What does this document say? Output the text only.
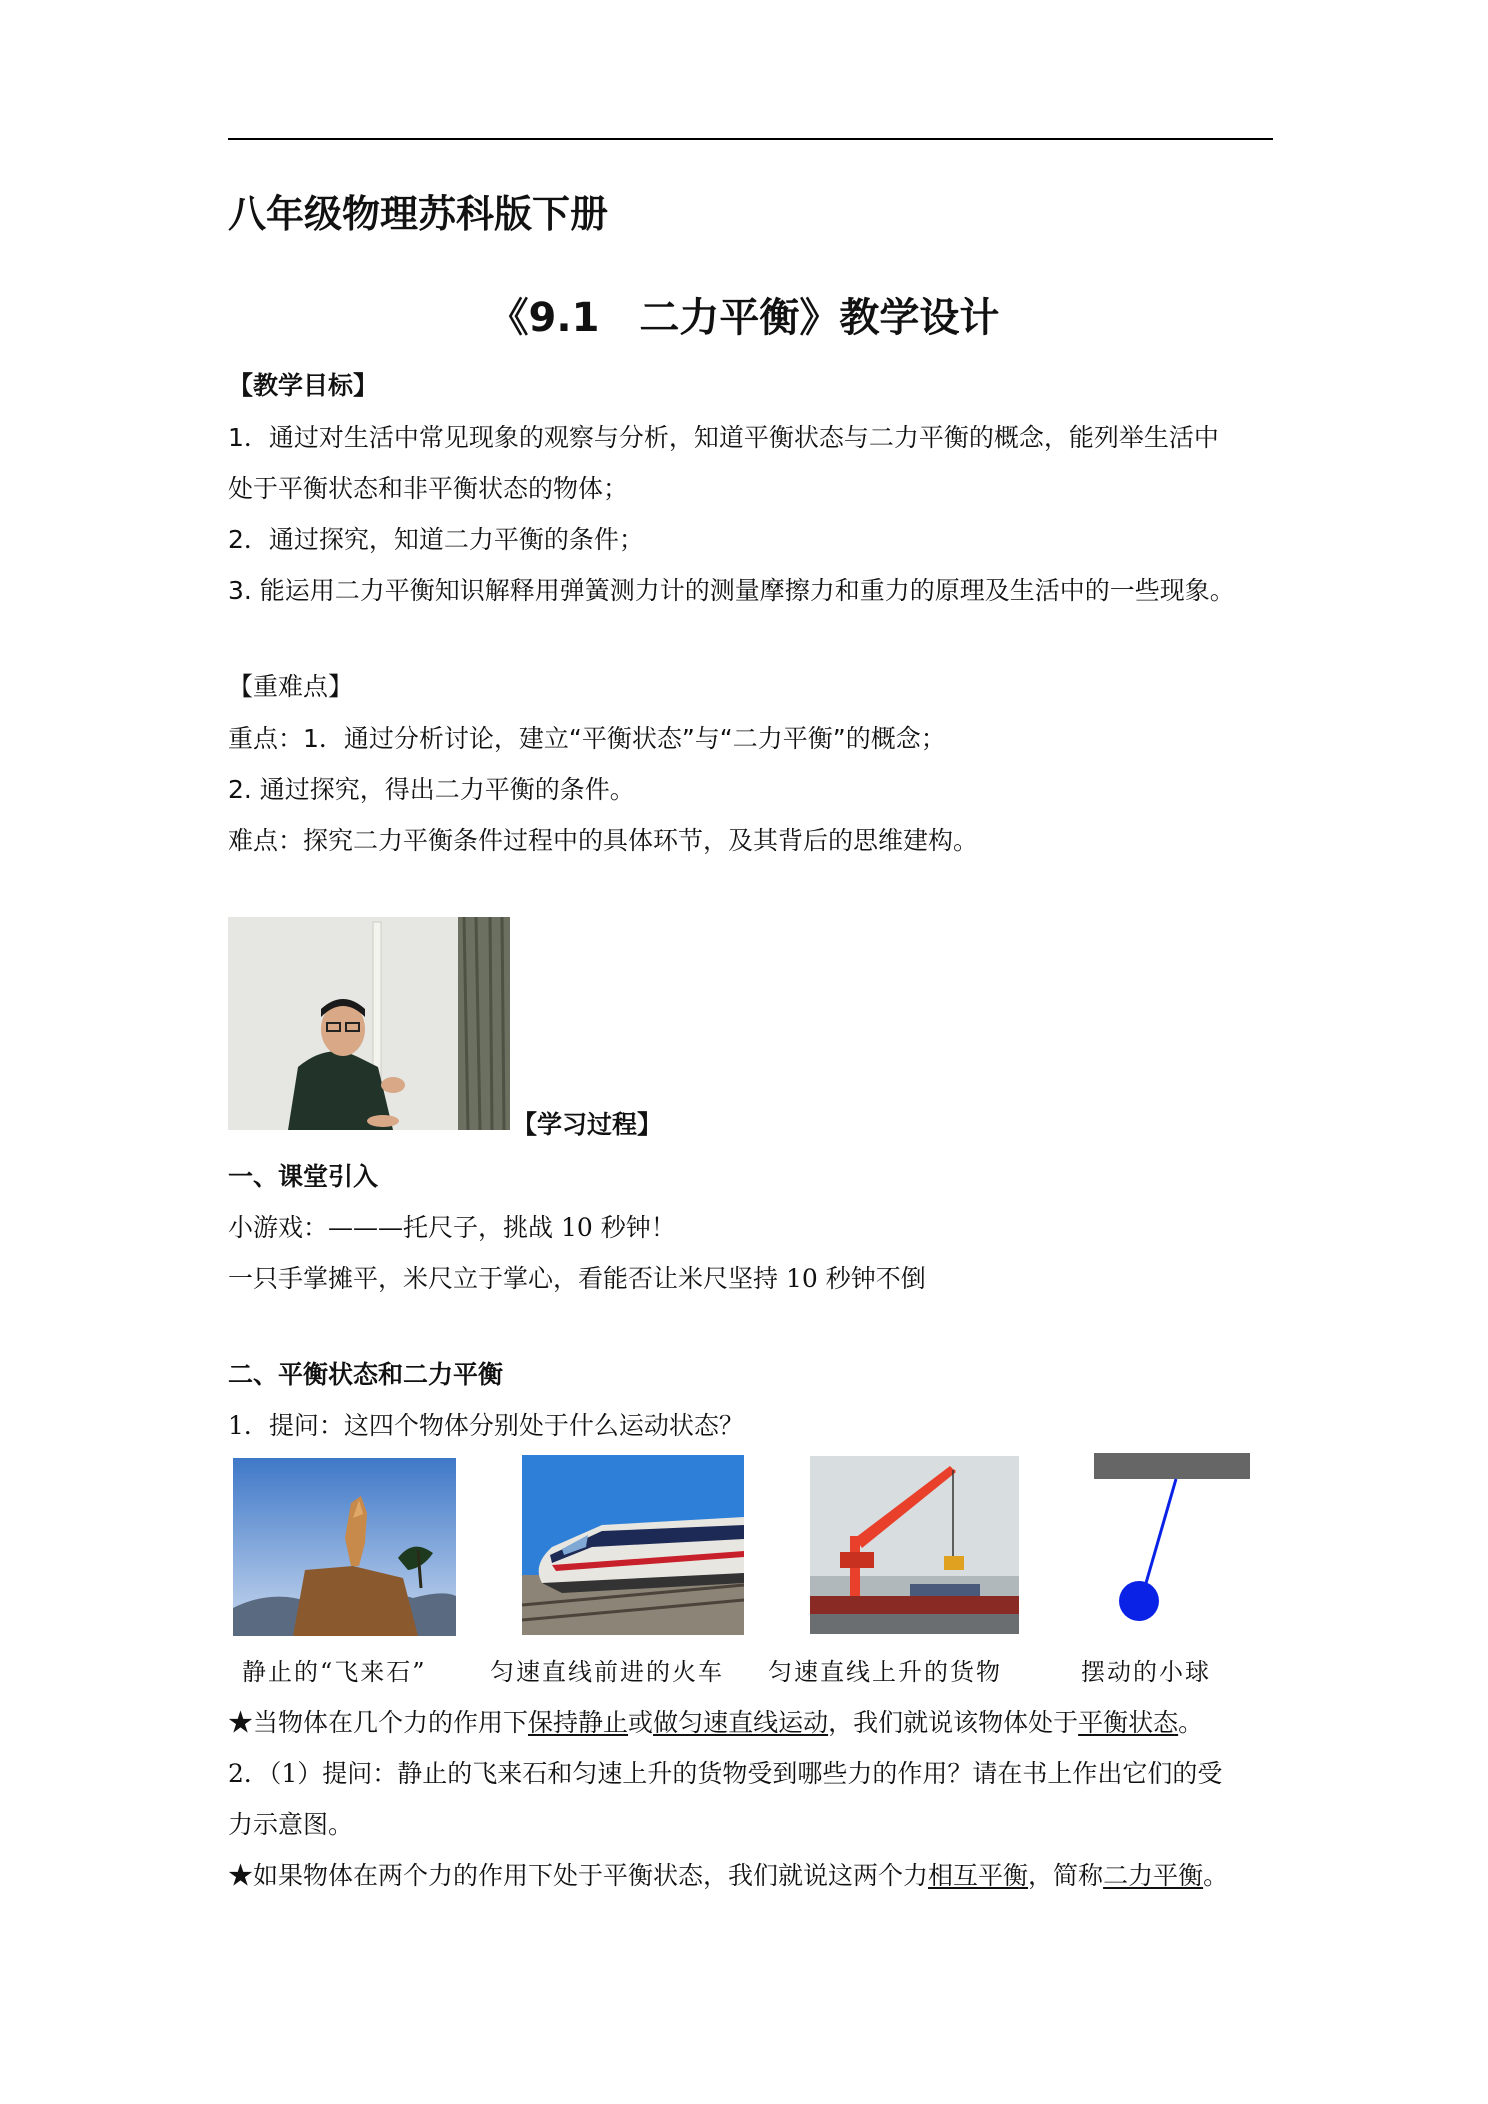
八年级物理苏科版下册
《9.1　二力平衡》教学设计
【教学目标】
1．通过对生活中常见现象的观察与分析，知道平衡状态与二力平衡的概念，能列举生活中
处于平衡状态和非平衡状态的物体；
2．通过探究，知道二力平衡的条件；
3. 能运用二力平衡知识解释用弹簧测力计的测量摩擦力和重力的原理及生活中的一些现象。
【重难点】
重点：1．通过分析讨论，建立“平衡状态”与“二力平衡”的概念；
2. 通过探究，得出二力平衡的条件。
难点：探究二力平衡条件过程中的具体环节，及其背后的思维建构。
【学习过程】
一、课堂引入
小游戏：———托尺子，挑战 10 秒钟！
一只手掌摊平，米尺立于掌心，看能否让米尺坚持 10 秒钟不倒
二、平衡状态和二力平衡
1．提问：这四个物体分别处于什么运动状态？
静止的“飞来石”	匀速直线前进的火车 匀速直线上升的货物	摆动的小球
★当物体在几个力的作用下保持静止或做匀速直线运动，我们就说该物体处于平衡状态。
2．（1）提问：静止的飞来石和匀速上升的货物受到哪些力的作用？请在书上作出它们的受
力示意图。
★如果物体在两个力的作用下处于平衡状态，我们就说这两个力相互平衡，简称二力平衡。
